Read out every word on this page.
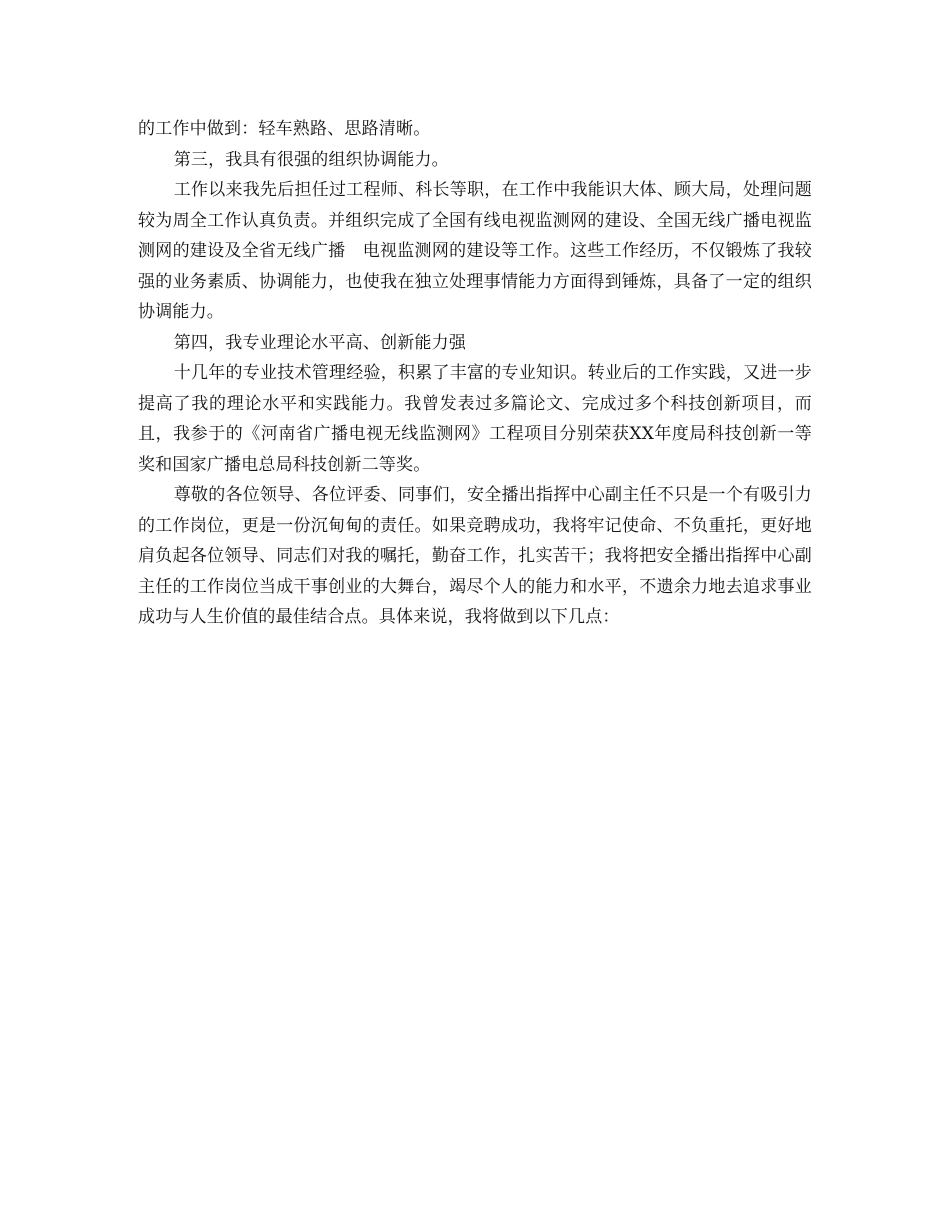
的工作中做到：轻车熟路、思路清晰。

第三，我具有很强的组织协调能力。

工作以来我先后担任过工程师、科长等职，在工作中我能识大体、顾大局，处理问题较为周全工作认真负责。并组织完成了全国有线电视监测网的建设、全国无线广播电视监测网的建设及全省无线广播　电视监测网的建设等工作。这些工作经历，不仅锻炼了我较强的业务素质、协调能力，也使我在独立处理事情能力方面得到锤炼，具备了一定的组织协调能力。

第四，我专业理论水平高、创新能力强

十几年的专业技术管理经验，积累了丰富的专业知识。转业后的工作实践，又进一步提高了我的理论水平和实践能力。我曾发表过多篇论文、完成过多个科技创新项目，而且，我参于的《河南省广播电视无线监测网》工程项目分别荣获XX年度局科技创新一等奖和国家广播电总局科技创新二等奖。

尊敬的各位领导、各位评委、同事们，安全播出指挥中心副主任不只是一个有吸引力的工作岗位，更是一份沉甸甸的责任。如果竞聘成功，我将牢记使命、不负重托，更好地肩负起各位领导、同志们对我的嘱托，勤奋工作，扎实苦干；我将把安全播出指挥中心副主任的工作岗位当成干事创业的大舞台，竭尽个人的能力和水平，不遗余力地去追求事业成功与人生价值的最佳结合点。具体来说，我将做到以下几点：
